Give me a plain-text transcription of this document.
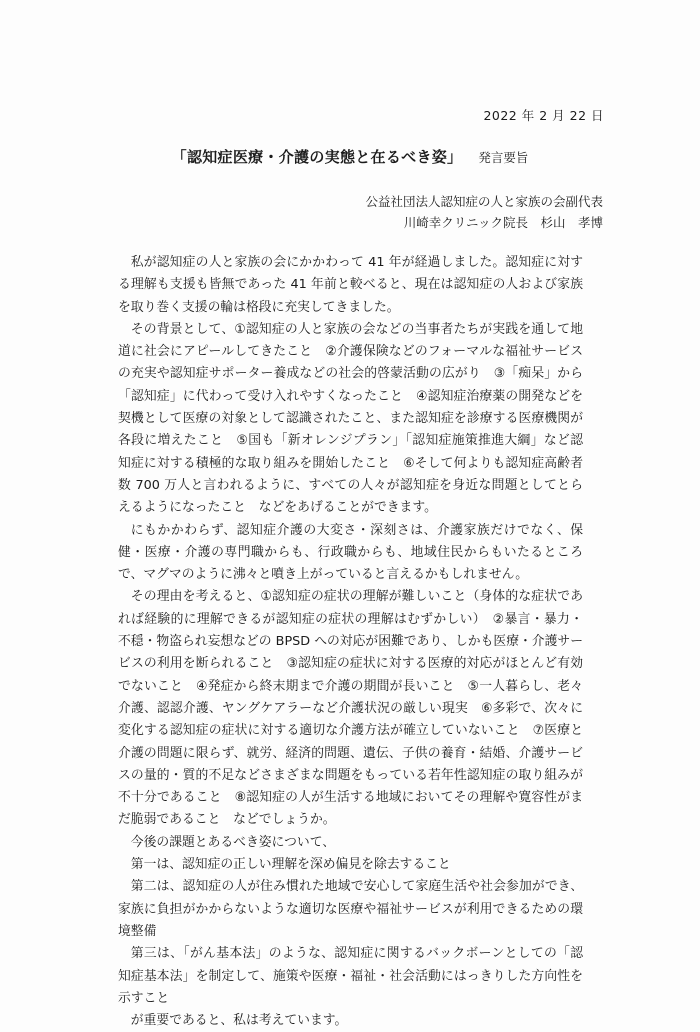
2022 年 2 月 22 日
「認知症医療・介護の実態と在るべき姿」 発言要旨
公益社団法人認知症の人と家族の会副代表
川崎幸クリニック院長　杉山　孝博

私が認知症の人と家族の会にかかわって 41 年が経過しました。認知症に対する理解も支援も皆無であった 41 年前と較べると、現在は認知症の人および家族を取り巻く支援の輪は格段に充実してきました。

その背景として、①認知症の人と家族の会などの当事者たちが実践を通して地道に社会にアピールしてきたこと　②介護保険などのフォーマルな福祉サービスの充実や認知症サポーター養成などの社会的啓蒙活動の広がり　③「痴呆」から「認知症」に代わって受け入れやすくなったこと　④認知症治療薬の開発などを契機として医療の対象として認識されたこと、また認知症を診療する医療機関が各段に増えたこと　⑤国も「新オレンジプラン」「認知症施策推進大綱」など認知症に対する積極的な取り組みを開始したこと　⑥そして何よりも認知症高齢者数 700 万人と言われるように、すべての人々が認知症を身近な問題としてとらえるようになったこと　などをあげることができます。

にもかかわらず、認知症介護の大変さ・深刻さは、介護家族だけでなく、保健・医療・介護の専門職からも、行政職からも、地域住民からもいたるところで、マグマのように沸々と噴き上がっていると言えるかもしれません。

その理由を考えると、①認知症の症状の理解が難しいこと（身体的な症状であれば経験的に理解できるが認知症の症状の理解はむずかしい）　②暴言・暴力・不穏・物盗られ妄想などの BPSD への対応が困難であり、しかも医療・介護サービスの利用を断られること　③認知症の症状に対する医療的対応がほとんど有効でないこと　④発症から終末期まで介護の期間が長いこと　⑤一人暮らし、老々介護、認認介護、ヤングケアラーなど介護状況の厳しい現実　⑥多彩で、次々に変化する認知症の症状に対する適切な介護方法が確立していないこと　⑦医療と介護の問題に限らず、就労、経済的問題、遺伝、子供の養育・結婚、介護サービスの量的・質的不足などさまざまな問題をもっている若年性認知症の取り組みが不十分であること　⑧認知症の人が生活する地域においてその理解や寛容性がまだ脆弱であること　などでしょうか。

今後の課題とあるべき姿について、

第一は、認知症の正しい理解を深め偏見を除去すること

第二は、認知症の人が住み慣れた地域で安心して家庭生活や社会参加ができ、家族に負担がかからないような適切な医療や福祉サービスが利用できるための環境整備

第三は、「がん基本法」のような、認知症に関するバックボーンとしての「認知症基本法」を制定して、施策や医療・福祉・社会活動にはっきりした方向性を示すこと

が重要であると、私は考えています。
